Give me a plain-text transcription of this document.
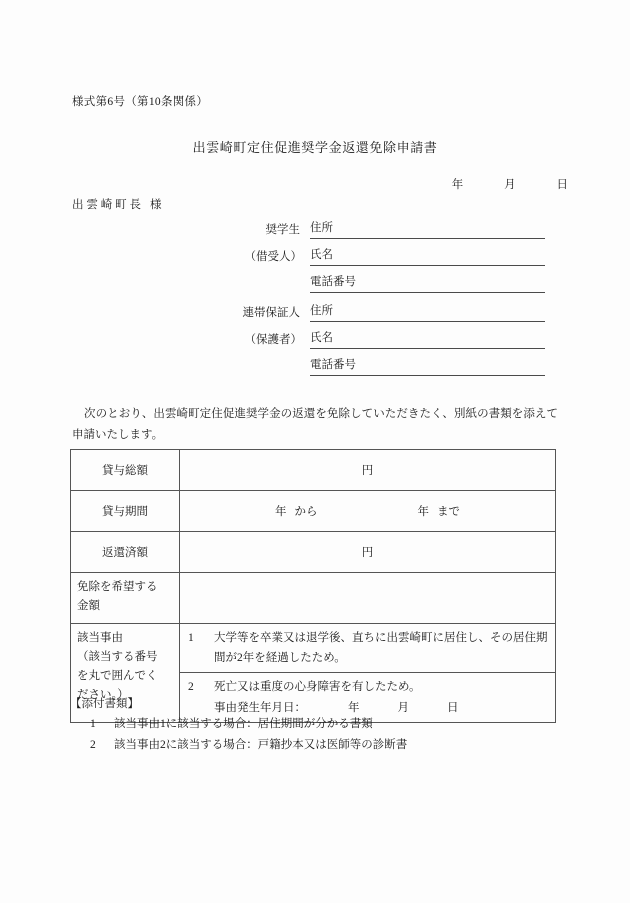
様式第6号（第10条関係）
出雲崎町定住促進奨学金返還免除申請書
年	月	日
出 雲 崎 町 長 様
奨学生 住所
（借受人） 氏名
電話番号
連帯保証人 住所
（保護者） 氏名
電話番号
次のとおり、出雲崎町定住促進奨学金の返還を免除していただきたく、別紙の書類を添えて申請いたします。
貸与総額	円
貸与期間	年 から 年 まで
返還済額	円

免除を希望する
金額	

該当事由
（該当する番号
を丸で囲んでく
ださい。）

1	大学等を卒業又は退学後、直ちに出雲崎町に居住し、その居住期間が2年を経過したため。
2	死亡又は重度の心身障害を有したため。
事由発生年月日：	年	月	日
【添付書類】
1	該当事由1に該当する場合：居住期間が分かる書類
2	該当事由2に該当する場合：戸籍抄本又は医師等の診断書
